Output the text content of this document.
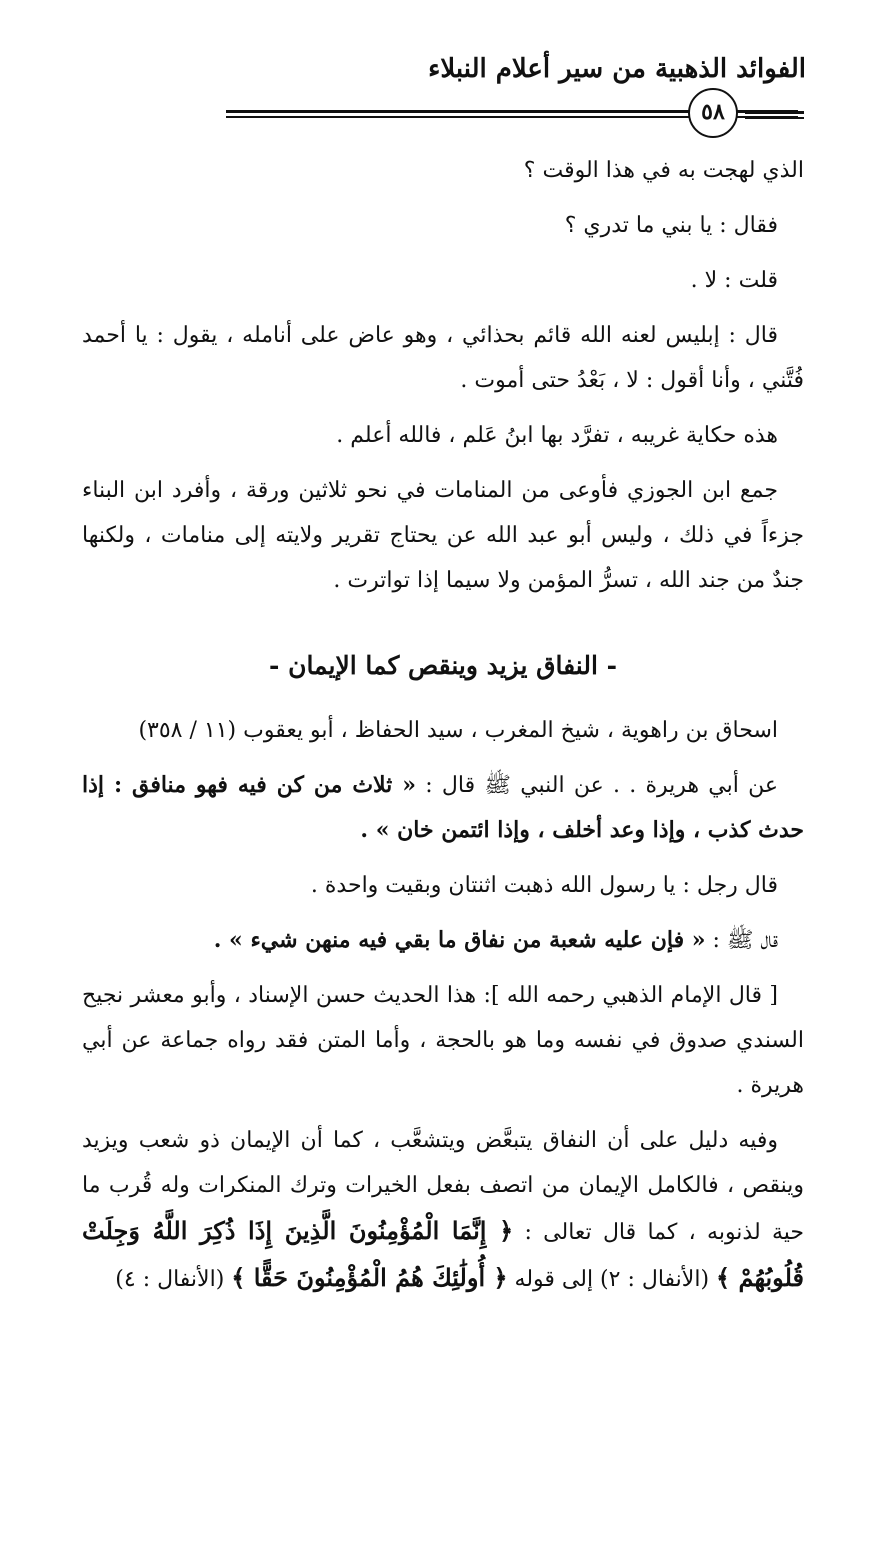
الفوائد الذهبية من سير أعلام النبلاء
٥٨

الذي لهجت به في هذا الوقت ؟

فقال : يا بني ما تدري ؟

قلت : لا .

قال : إبليس لعنه الله قائم بحذائي ، وهو عاض على أنامله ، يقول : يا أحمد فُتَّني ، وأنا أقول : لا ، بَعْدُ حتى أموت .

هذه حكاية غريبه ، تفرَّد بها ابنُ عَلم ، فالله أعلم .

جمع ابن الجوزي فأوعى من المنامات في نحو ثلاثين ورقة ، وأفرد ابن البناء جزءاً في ذلك ، وليس أبو عبد الله عن يحتاج تقرير ولايته إلى منامات ، ولكنها جندٌ من جند الله ، تسرُّ المؤمن ولا سيما إذا تواترت .

- النفاق يزيد وينقص كما الإيمان -

اسحاق بن راهوية ، شيخ المغرب ، سيد الحفاظ ، أبو يعقوب (١١ / ٣٥٨)

عن أبي هريرة . . عن النبي ﷺ قال : « ثلاث من كن فيه فهو منافق : إذا حدث كذب ، وإذا وعد أخلف ، وإذا ائتمن خان » .

قال رجل : يا رسول الله ذهبت اثنتان وبقيت واحدة .

قال ﷺ : « فإن عليه شعبة من نفاق ما بقي فيه منهن شيء » .

[ قال الإمام الذهبي رحمه الله ]: هذا الحديث حسن الإسناد ، وأبو معشر نجيح السندي صدوق في نفسه وما هو بالحجة ، وأما المتن فقد رواه جماعة عن أبي هريرة .

وفيه دليل على أن النفاق يتبعَّض ويتشعَّب ، كما أن الإيمان ذو شعب ويزيد وينقص ، فالكامل الإيمان من اتصف بفعل الخيرات وترك المنكرات وله قُرب ما حية لذنوبه ، كما قال تعالى : ﴿ إِنَّمَا الْمُؤْمِنُونَ الَّذِينَ إِذَا ذُكِرَ اللَّهُ وَجِلَتْ قُلُوبُهُمْ ﴾ (الأنفال : ٢) إلى قوله ﴿ أُولَٰئِكَ هُمُ الْمُؤْمِنُونَ حَقًّا ﴾ (الأنفال : ٤)
